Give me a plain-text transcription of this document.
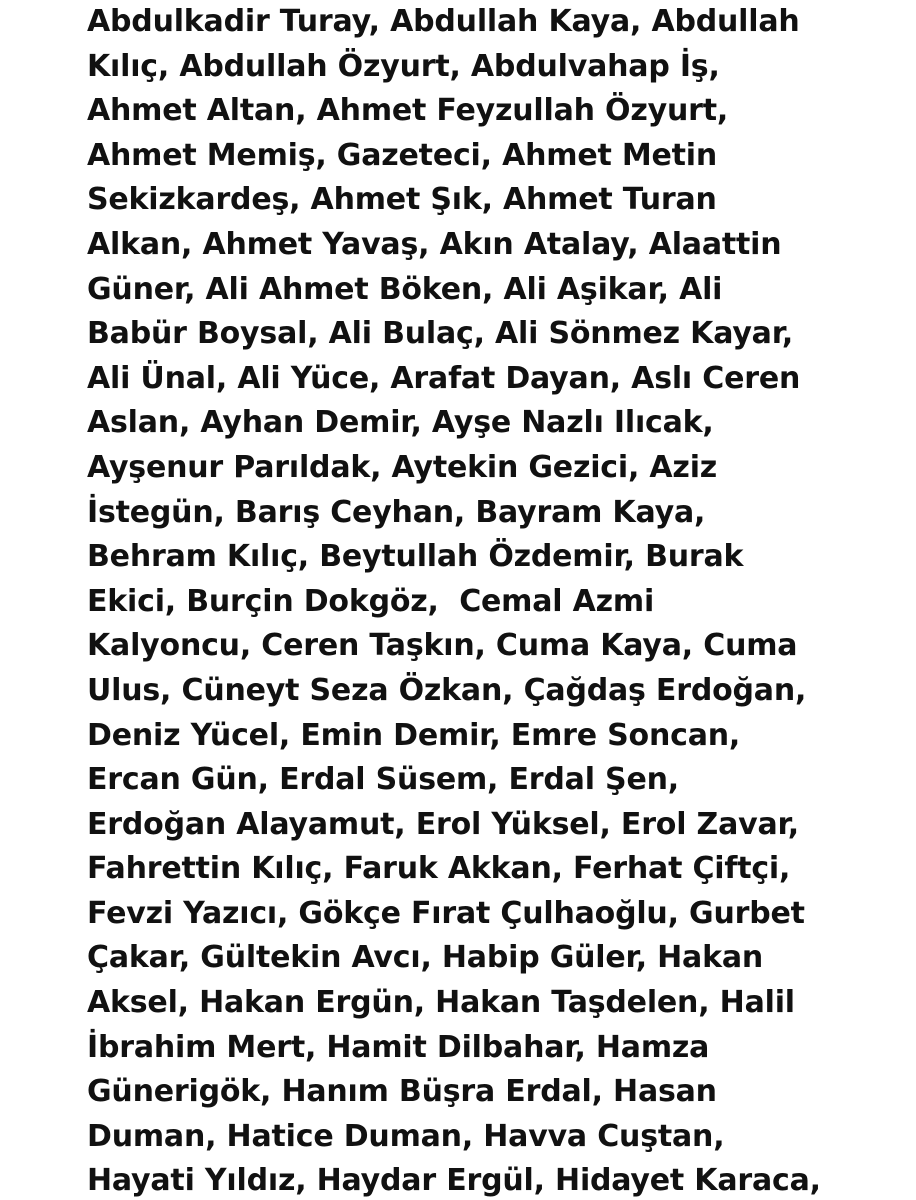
Abdulkadir Turay, Abdullah Kaya, Abdullah
Kılıç, Abdullah Özyurt, Abdulvahap İş,
Ahmet Altan, Ahmet Feyzullah Özyurt,
Ahmet Memiş, Gazeteci, Ahmet Metin
Sekizkardeş, Ahmet Şık, Ahmet Turan
Alkan, Ahmet Yavaş, Akın Atalay, Alaattin
Güner, Ali Ahmet Böken, Ali Aşikar, Ali
Babür Boysal, Ali Bulaç, Ali Sönmez Kayar,
Ali Ünal, Ali Yüce, Arafat Dayan, Aslı Ceren
Aslan, Ayhan Demir, Ayşe Nazlı Ilıcak,
Ayşenur Parıldak, Aytekin Gezici, Aziz
İstegün, Barış Ceyhan, Bayram Kaya,
Behram Kılıç, Beytullah Özdemir, Burak
Ekici, Burçin Dokgöz,  Cemal Azmi
Kalyoncu, Ceren Taşkın, Cuma Kaya, Cuma
Ulus, Cüneyt Seza Özkan, Çağdaş Erdoğan,
Deniz Yücel, Emin Demir, Emre Soncan,
Ercan Gün, Erdal Süsem, Erdal Şen,
Erdoğan Alayamut, Erol Yüksel, Erol Zavar,
Fahrettin Kılıç, Faruk Akkan, Ferhat Çiftçi,
Fevzi Yazıcı, Gökçe Fırat Çulhaoğlu, Gurbet
Çakar, Gültekin Avcı, Habip Güler, Hakan
Aksel, Hakan Ergün, Hakan Taşdelen, Halil
İbrahim Mert, Hamit Dilbahar, Hamza
Günerigök, Hanım Büşra Erdal, Hasan
Duman, Hatice Duman, Havva Cuştan,
Hayati Yıldız, Haydar Ergül, Hidayet Karaca,
